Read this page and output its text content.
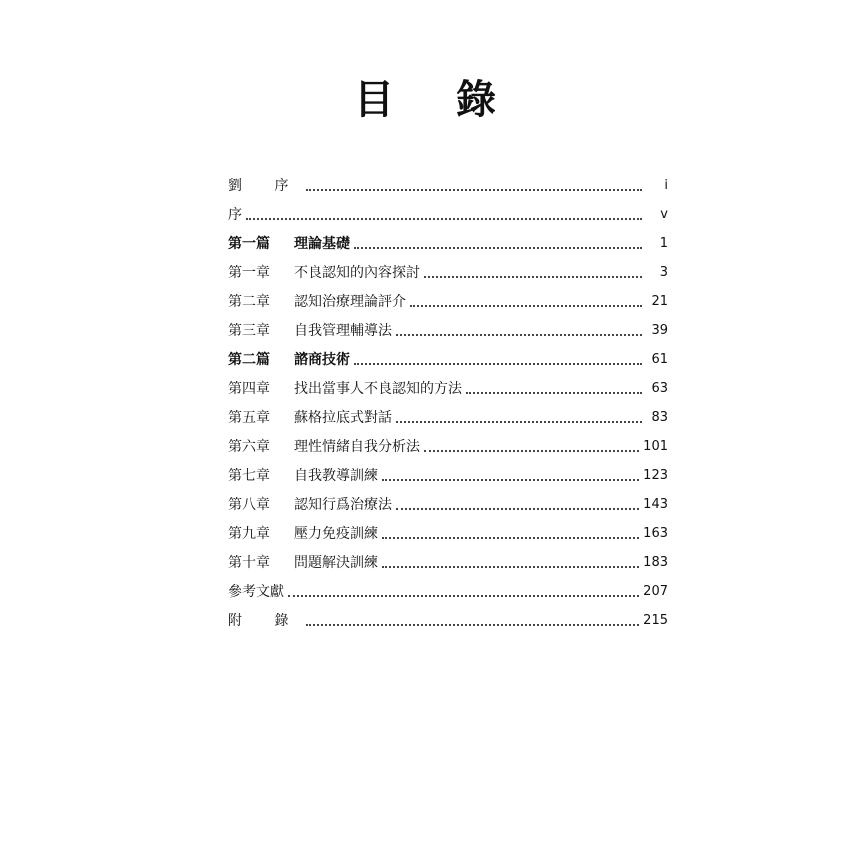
目 錄
劉 序	i
序	v
第一篇	理論基礎	1
第一章	不良認知的內容探討	3
第二章	認知治療理論評介	21
第三章	自我管理輔導法	39
第二篇	諮商技術	61
第四章	找出當事人不良認知的方法	63
第五章	蘇格拉底式對話	83
第六章	理性情緒自我分析法	101
第七章	自我教導訓練	123
第八章	認知行爲治療法	143
第九章	壓力免疫訓練	163
第十章	問題解決訓練	183
參考文獻	207
附 錄	215
